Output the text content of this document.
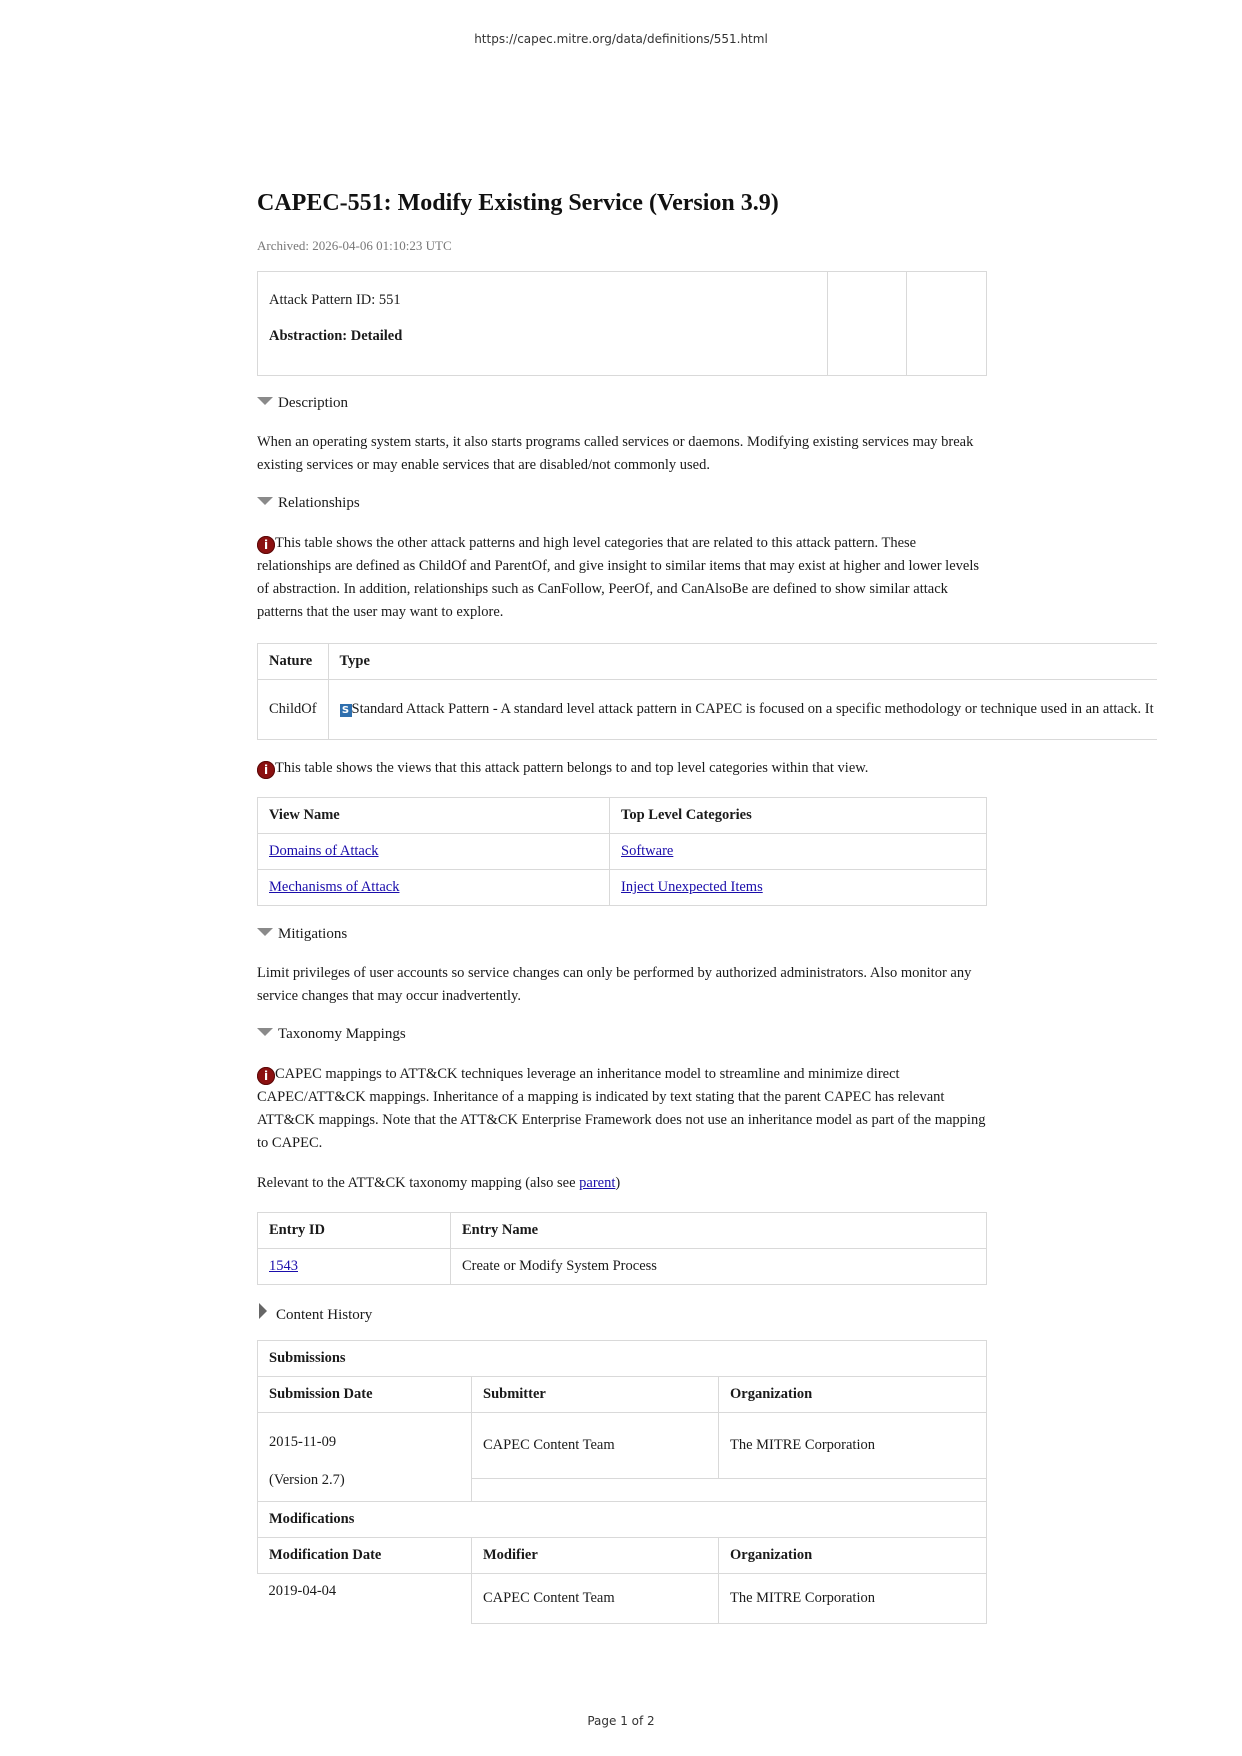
https://capec.mitre.org/data/definitions/551.html
CAPEC-551: Modify Existing Service (Version 3.9)
Archived: 2026-04-06 01:10:23 UTC

Attack Pattern ID: 551

Abstraction: Detailed

Description

When an operating system starts, it also starts programs called services or daemons. Modifying existing services may break existing services or may enable services that are disabled/not commonly used.

Relationships

i This table shows the other attack patterns and high level categories that are related to this attack pattern. These relationships are defined as ChildOf and ParentOf, and give insight to similar items that may exist at higher and lower levels of abstraction. In addition, relationships such as CanFollow, PeerOf, and CanAlsoBe are defined to show similar attack patterns that the user may want to explore.

Nature	Type
ChildOf	S Standard Attack Pattern - A standard level attack pattern in CAPEC is focused on a specific methodology or technique used in an attack. It

i This table shows the views that this attack pattern belongs to and top level categories within that view.

View Name	Top Level Categories
Domains of Attack	Software
Mechanisms of Attack	Inject Unexpected Items
Mitigations

Limit privileges of user accounts so service changes can only be performed by authorized administrators. Also monitor any service changes that may occur inadvertently.

Taxonomy Mappings

i CAPEC mappings to ATT&CK techniques leverage an inheritance model to streamline and minimize direct CAPEC/ATT&CK mappings. Inheritance of a mapping is indicated by text stating that the parent CAPEC has relevant ATT&CK mappings. Note that the ATT&CK Enterprise Framework does not use an inheritance model as part of the mapping to CAPEC.

Relevant to the ATT&CK taxonomy mapping (also see parent)

Entry ID	Entry Name
1543	Create or Modify System Process
Content History
Submissions		
Submission Date	Submitter	Organization

2015-11-09
(Version 2.7)	CAPEC Content Team	The MITRE Corporation

Modifications		
Modification Date	Modifier	Organization
2019-04-04	CAPEC Content Team	The MITRE Corporation
Page 1 of 2
